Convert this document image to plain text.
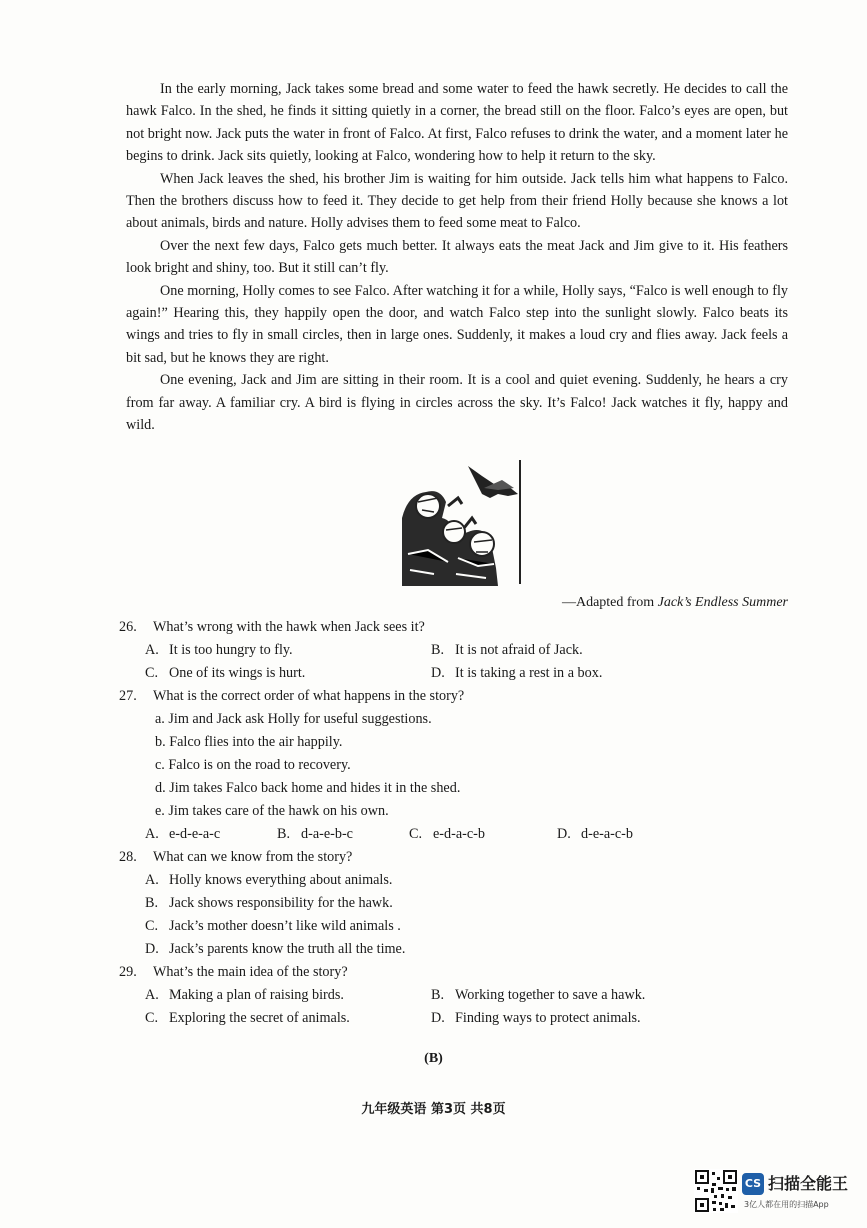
In the early morning, Jack takes some bread and some water to feed the hawk secretly. He decides to call the hawk Falco. In the shed, he finds it sitting quietly in a corner, the bread still on the floor. Falco’s eyes are open, but not bright now. Jack puts the water in front of Falco. At first, Falco refuses to drink the water, and a moment later he begins to drink. Jack sits quietly, looking at Falco, wondering how to help it return to the sky.

When Jack leaves the shed, his brother Jim is waiting for him outside. Jack tells him what happens to Falco. Then the brothers discuss how to feed it. They decide to get help from their friend Holly because she knows a lot about animals, birds and nature. Holly advises them to feed some meat to Falco.

Over the next few days, Falco gets much better. It always eats the meat Jack and Jim give to it. His feathers look bright and shiny, too. But it still can’t fly.

One morning, Holly comes to see Falco. After watching it for a while, Holly says, “Falco is well enough to fly again!” Hearing this, they happily open the door, and watch Falco step into the sunlight slowly. Falco beats its wings and tries to fly in small circles, then in large ones. Suddenly, it makes a loud cry and flies away. Jack feels a bit sad, but he knows they are right.

One evening, Jack and Jim are sitting in their room. It is a cool and quiet evening. Suddenly, he hears a cry from far away. A familiar cry. A bird is flying in circles across the sky. It’s Falco! Jack watches it fly, happy and wild.

—Adapted from Jack’s Endless Summer
26. What’s wrong with the hawk when Jack sees it?
A. It is too hungry to fly.	B. It is not afraid of Jack.
C. One of its wings is hurt.	D. It is taking a rest in a box.
27. What is the correct order of what happens in the story?
a. Jim and Jack ask Holly for useful suggestions.
b. Falco flies into the air happily.
c. Falco is on the road to recovery.
d. Jim takes Falco back home and hides it in the shed.
e. Jim takes care of the hawk on his own.
A. e-d-e-a-c	B. d-a-e-b-c	C. e-d-a-c-b	D. d-e-a-c-b
28. What can we know from the story?
A. Holly knows everything about animals.
B. Jack shows responsibility for the hawk.
C. Jack’s mother doesn’t like wild animals .
D. Jack’s parents know the truth all the time.
29. What’s the main idea of the story?
A. Making a plan of raising birds.	B. Working together to save a hawk.
C. Exploring the secret of animals.	D. Finding ways to protect animals.
(B)
九年级英语 第3页 共8页
CS 扫描全能王
3亿人都在用的扫描App
